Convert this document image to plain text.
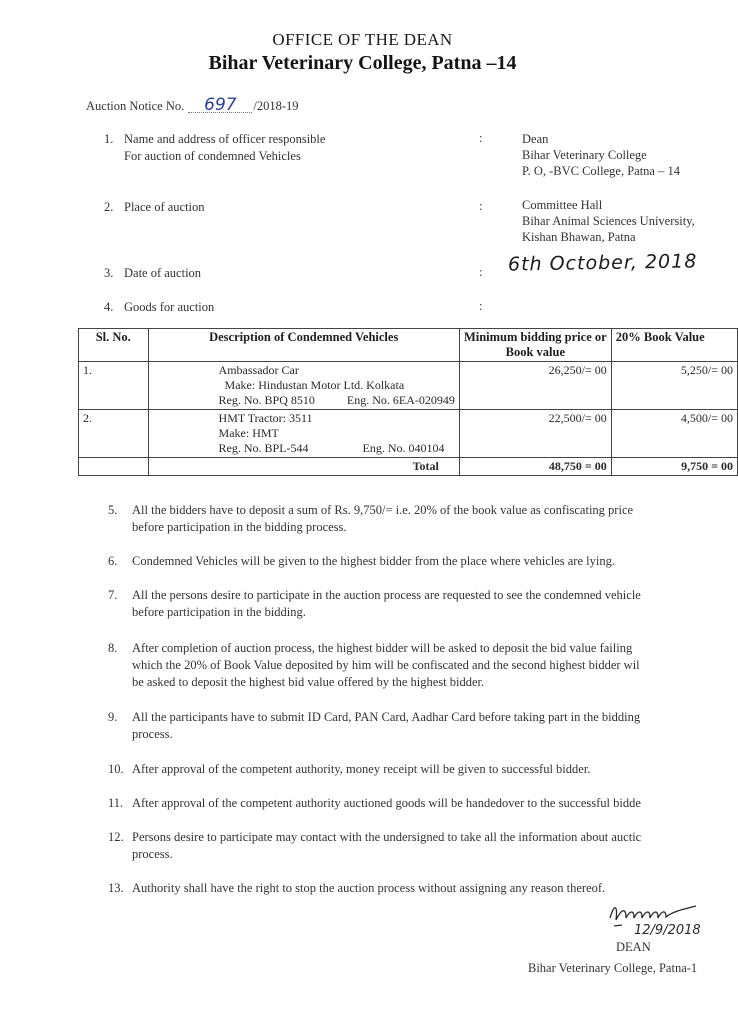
OFFICE OF THE DEAN
Bihar Veterinary College, Patna –14
Auction Notice No. 697 /2018-19
1. Name and address of officer responsible
For auction of condemned Vehicles
:	Dean
Bihar Veterinary College
P. O, -BVC College, Patna – 14
2. Place of auction	:	Committee Hall
Bihar Animal Sciences University,
Kishan Bhawan, Patna
3. Date of auction	: 6th October, 2018
4. Goods for auction	:
Sl. No.	Description of Condemned Vehicles	Minimum bidding price or Book value	20% Book Value
1.	Ambassador Car
Make: Hindustan Motor Ltd. Kolkata
Reg. No. BPQ 8510 Eng. No. 6EA-020949	26,250/= 00	5,250/= 00
2.	HMT Tractor: 3511
Make: HMT
Reg. No. BPL-544 Eng. No. 040104	22,500/= 00	4,500/= 00
	Total	48,750 = 00	9,750 = 00
5. All the bidders have to deposit a sum of Rs. 9,750/= i.e. 20% of the book value as confiscating price
before participation in the bidding process.
6. Condemned Vehicles will be given to the highest bidder from the place where vehicles are lying.
7. All the persons desire to participate in the auction process are requested to see the condemned vehicle
before participation in the bidding.
8. After completion of auction process, the highest bidder will be asked to deposit the bid value failing
which the 20% of Book Value deposited by him will be confiscated and the second highest bidder wil
be asked to deposit the highest bid value offered by the highest bidder.
9. All the participants have to submit ID Card, PAN Card, Aadhar Card before taking part in the bidding
process.
10. After approval of the competent authority, money receipt will be given to successful bidder.
11. After approval of the competent authority auctioned goods will be handedover to the successful bidde
12. Persons desire to participate may contact with the undersigned to take all the information about auctic
process.
13. Authority shall have the right to stop the auction process without assigning any reason thereof.
12/9/2018
DEAN
Bihar Veterinary College, Patna-1
